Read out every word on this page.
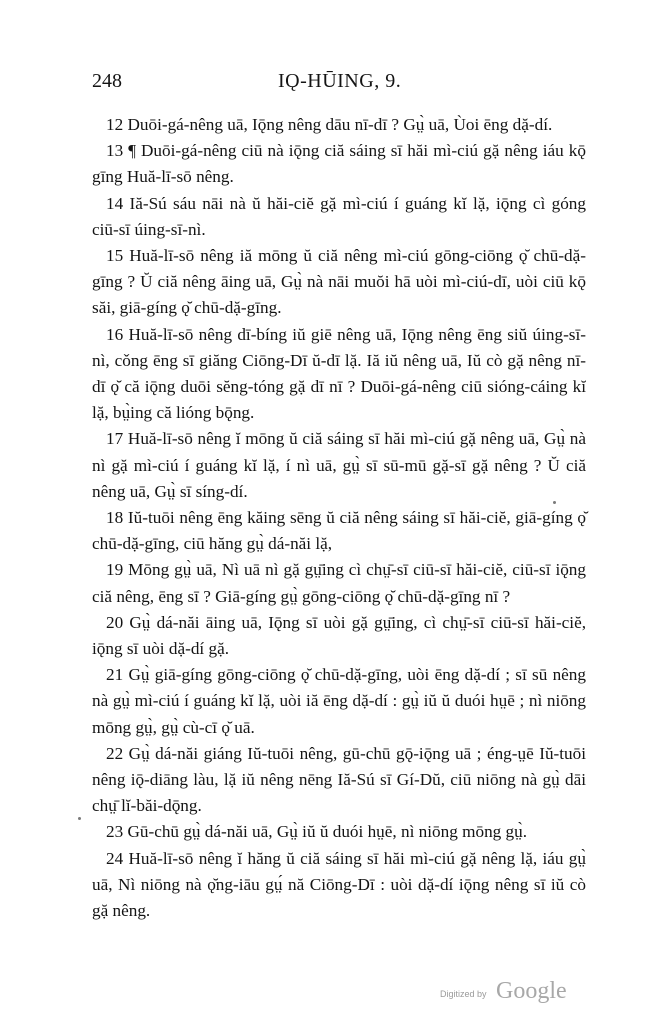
248	IǪ-HŪING, 9.

12 Duōi-gá-nêng uā, Iǭng nêng dāu nī-dī ? Gṳ̀ uā, Ùoi ēng dặ-dí.

13 ¶ Duōi-gá-nêng ciū nà iǭng ciă sáing sī hăi mì-ciú gặ nêng iáu kǭ gīng Huă-lī-sō nêng.

14 Iă-Sú sáu nāi nà ŭ hăi-ciĕ gặ mì-ciú í guáng kĭ lặ, iǭng cì góng ciū-sī úing-sī-nì.

15 Huă-lī-sō nêng iă mōng ŭ ciă nêng mì-ciú gōng-ciōng ǫ̆ chū-dặ-gīng ? Ŭ ciă nêng āing uā, Gṳ̀ nà nāi muŏi hā uòi mì-ciú-dī, uòi ciū kǭ săi, giā-gíng ǫ̆ chū-dặ-gīng.

16 Huă-lī-sō nêng dī-bíng iŭ giē nêng uā, Iǭng nêng ēng siŭ úing-sī-nì, cǒng ēng sī giăng Ciōng-Dī ŭ-dī lặ. Iă iŭ nêng uā, Iŭ cò gặ nêng nī-dī ǫ̆ că iǭng duōi sĕng-tóng gặ dī nī ? Duōi-gá-nêng ciū sióng-cáing kĭ lặ, bṳ̀ing că lióng bǭng.

17 Huă-lī-sō nêng ĭ mōng ŭ ciă sáing sī hăi mì-ciú gặ nêng uā, Gṳ̀ nà nì gặ mì-ciú í guáng kĭ lặ, í nì uā, gṳ̀ sī sū-mū gặ-sī gặ nêng ? Ŭ ciă nêng uā, Gṳ̀ sī síng-dí.

18 Iŭ-tuōi nêng ēng kăing sēng ŭ ciă nêng sáing sī hăi-ciĕ, giā-gíng ǫ̆ chū-dặ-gīng, ciū hăng gṳ̀ dá-năi lặ,

19 Mōng gṳ̀ uā, Nì uā nì gặ gṳ̄ing cì chṳ̄-sī ciū-sī hăi-ciĕ, ciū-sī iǭng ciă nêng, ēng sī ? Giā-gíng gṳ̀ gōng-ciōng ǫ̆ chū-dặ-gīng nī ?

20 Gṳ̀ dá-năi āing uā, Iǭng sī uòi gặ gṳ̄ing, cì chṳ̄-sī ciū-sī hăi-ciĕ, iǭng sī uòi dặ-dí gặ.

21 Gṳ̀ giā-gíng gōng-ciōng ǫ̆ chū-dặ-gīng, uòi ēng dặ-dí ; sī sū nêng nà gṳ̀ mì-ciú í guáng kĭ lặ, uòi iă ēng dặ-dí : gṳ̀ iŭ ŭ duói hṳē ; nì niōng mōng gṳ̀, gṳ̀ cù-cī ǫ̆ uā.

22 Gṳ̀ dá-năi giáng Iŭ-tuōi nêng, gū-chū gǭ-iǭng uā ; éng-ṳē Iŭ-tuōi nêng iǭ-diāng làu, lặ iŭ nêng nēng Iă-Sú sī Gí-Dŭ, ciū niōng nà gṳ̀ dāi chṳ̄ lĭ-băi-dǭng.

23 Gū-chū gṳ̀ dá-năi uā, Gṳ̀ iŭ ŭ duói hṳē, nì niōng mōng gṳ̀.

24 Huă-lī-sō nêng ĭ hăng ŭ ciă sáing sī hăi mì-ciú gặ nêng lặ, iáu gṳ̀ uā, Nì niōng nà ǫ̆ng-iāu gṳ́ nă Ciōng-Dī : uòi dặ-dí iǭng nêng sī iŭ cò gặ nêng.

Digitized by Google
